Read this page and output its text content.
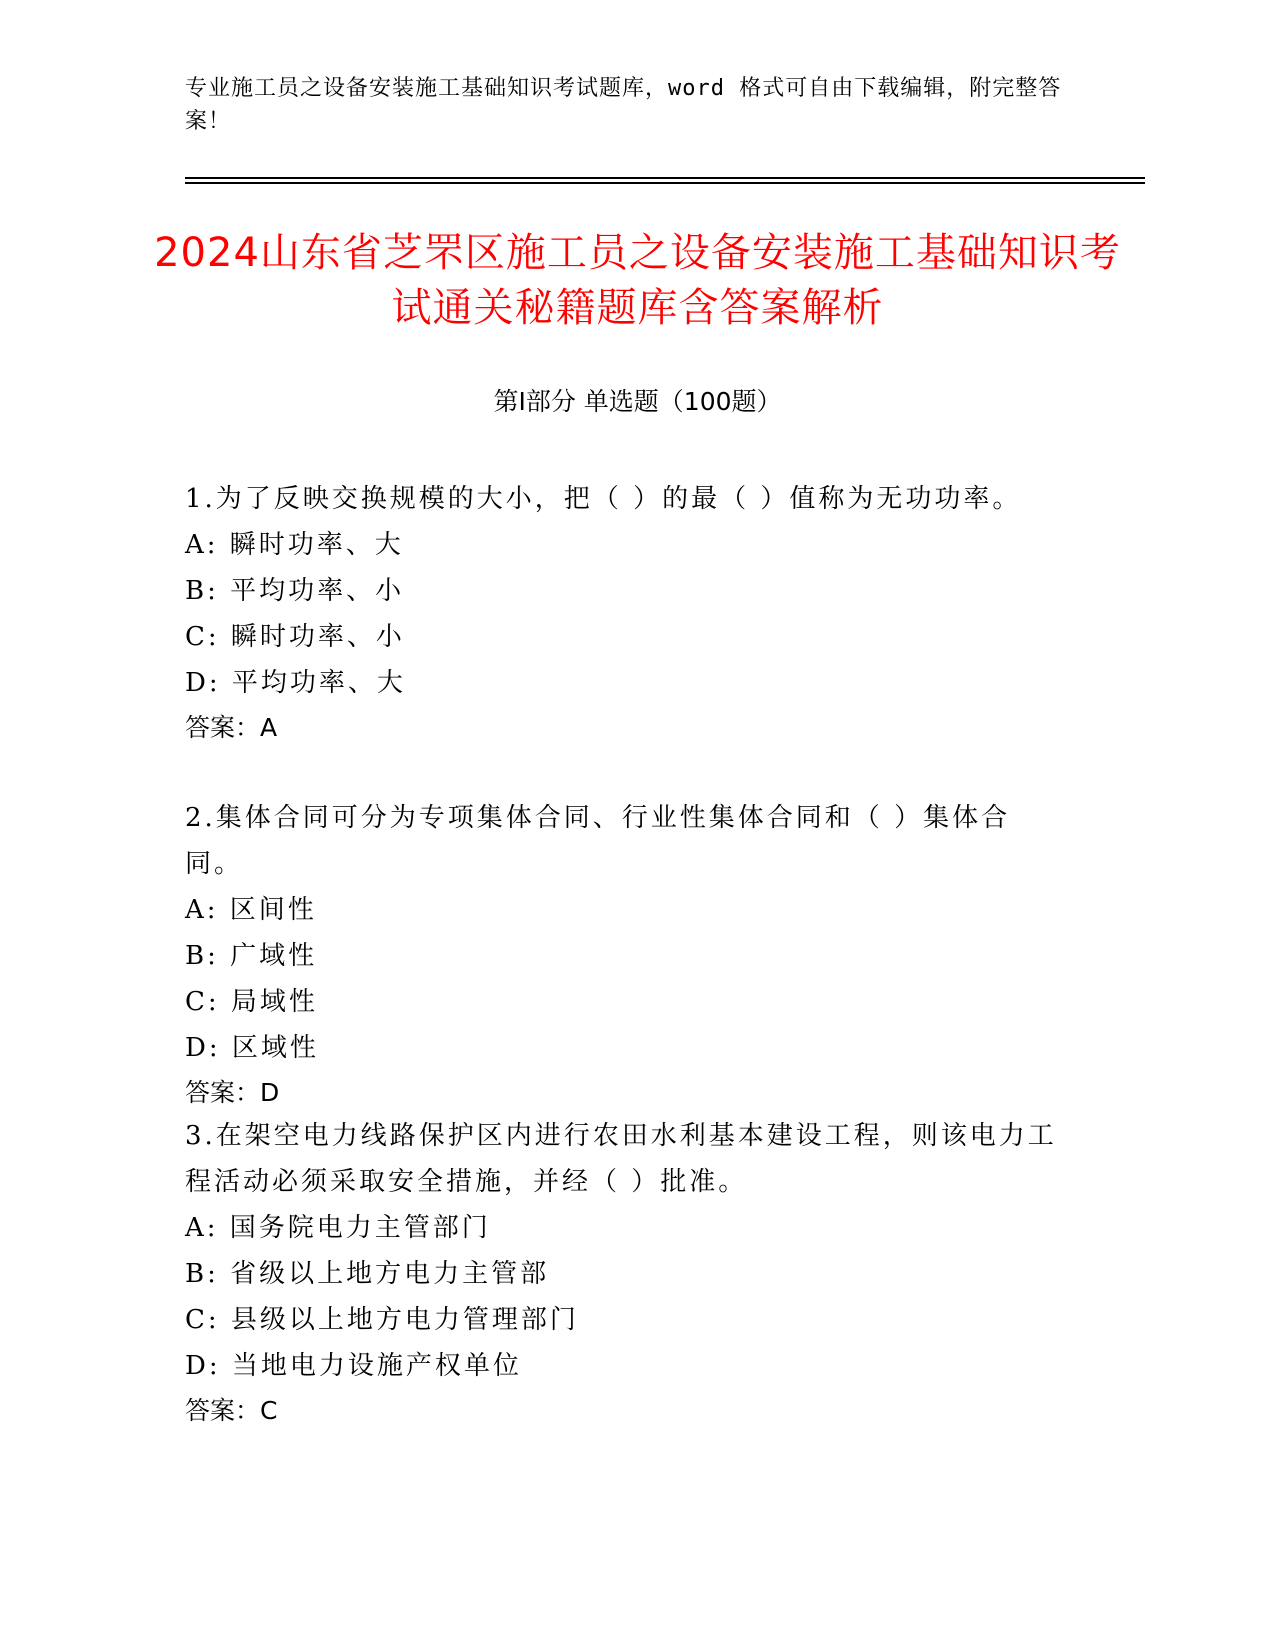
专业施工员之设备安装施工基础知识考试题库，word 格式可自由下载编辑，附完整答案！
2024山东省芝罘区施工员之设备安装施工基础知识考试通关秘籍题库含答案解析
第Ⅰ部分 单选题（100题）
1.为了反映交换规模的大小，把（ ）的最（ ）值称为无功功率。
A: 瞬时功率、大
B: 平均功率、小
C: 瞬时功率、小
D: 平均功率、大
答案：A
2.集体合同可分为专项集体合同、行业性集体合同和（ ）集体合同。
A: 区间性
B: 广域性
C: 局域性
D: 区域性
答案：D
3.在架空电力线路保护区内进行农田水利基本建设工程，则该电力工程活动必须采取安全措施，并经（ ）批准。
A: 国务院电力主管部门
B: 省级以上地方电力主管部
C: 县级以上地方电力管理部门
D: 当地电力设施产权单位
答案：C
